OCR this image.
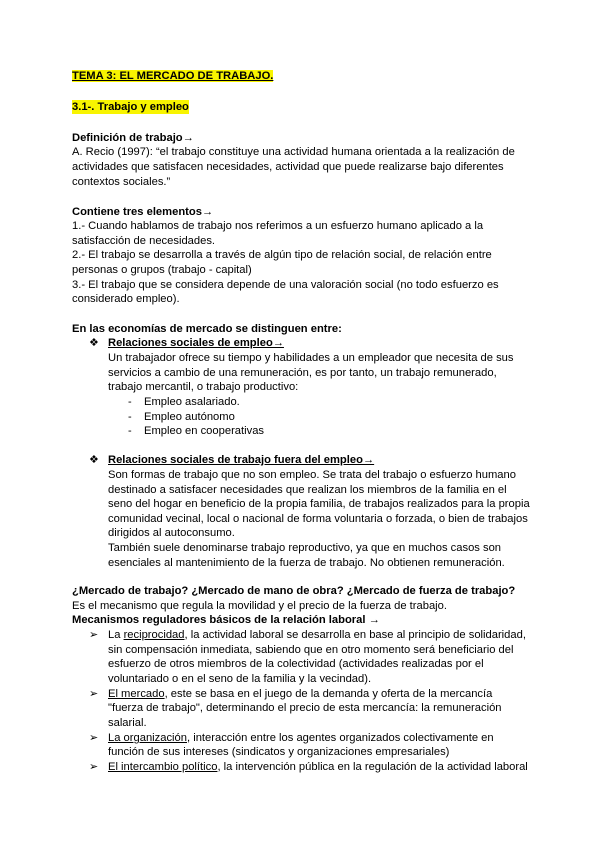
TEMA 3: EL MERCADO DE TRABAJO.
3.1-. Trabajo y empleo
Definición de trabajo→
A. Recio (1997): “el trabajo constituye una actividad humana orientada a la realización de
actividades que satisfacen necesidades, actividad que puede realizarse bajo diferentes
contextos sociales.”
Contiene tres elementos→
1.- Cuando hablamos de trabajo nos referimos a un esfuerzo humano aplicado a la
satisfacción de necesidades.
2.- El trabajo se desarrolla a través de algún tipo de relación social, de relación entre
personas o grupos (trabajo - capital)
3.- El trabajo que se considera depende de una valoración social (no todo esfuerzo es
considerado empleo).
En las economías de mercado se distinguen entre:
❖ Relaciones sociales de empleo→
Un trabajador ofrece su tiempo y habilidades a un empleador que necesita de sus
servicios a cambio de una remuneración, es por tanto, un trabajo remunerado,
trabajo mercantil, o trabajo productivo:
- Empleo asalariado.
- Empleo autónomo
- Empleo en cooperativas
❖ Relaciones sociales de trabajo fuera del empleo→
Son formas de trabajo que no son empleo. Se trata del trabajo o esfuerzo humano
destinado a satisfacer necesidades que realizan los miembros de la familia en el
seno del hogar en beneficio de la propia familia, de trabajos realizados para la propia
comunidad vecinal, local o nacional de forma voluntaria o forzada, o bien de trabajos
dirigidos al autoconsumo.
También suele denominarse trabajo reproductivo, ya que en muchos casos son
esenciales al mantenimiento de la fuerza de trabajo. No obtienen remuneración.
¿Mercado de trabajo? ¿Mercado de mano de obra? ¿Mercado de fuerza de trabajo?
Es el mecanismo que regula la movilidad y el precio de la fuerza de trabajo.
Mecanismos reguladores básicos de la relación laboral →
➢ La reciprocidad, la actividad laboral se desarrolla en base al principio de solidaridad,
sin compensación inmediata, sabiendo que en otro momento será beneficiario del
esfuerzo de otros miembros de la colectividad (actividades realizadas por el
voluntariado o en el seno de la familia y la vecindad).
➢ El mercado, este se basa en el juego de la demanda y oferta de la mercancía
"fuerza de trabajo", determinando el precio de esta mercancía: la remuneración
salarial.
➢ La organización, interacción entre los agentes organizados colectivamente en
función de sus intereses (sindicatos y organizaciones empresariales)
➢ El intercambio político, la intervención pública en la regulación de la actividad laboral
